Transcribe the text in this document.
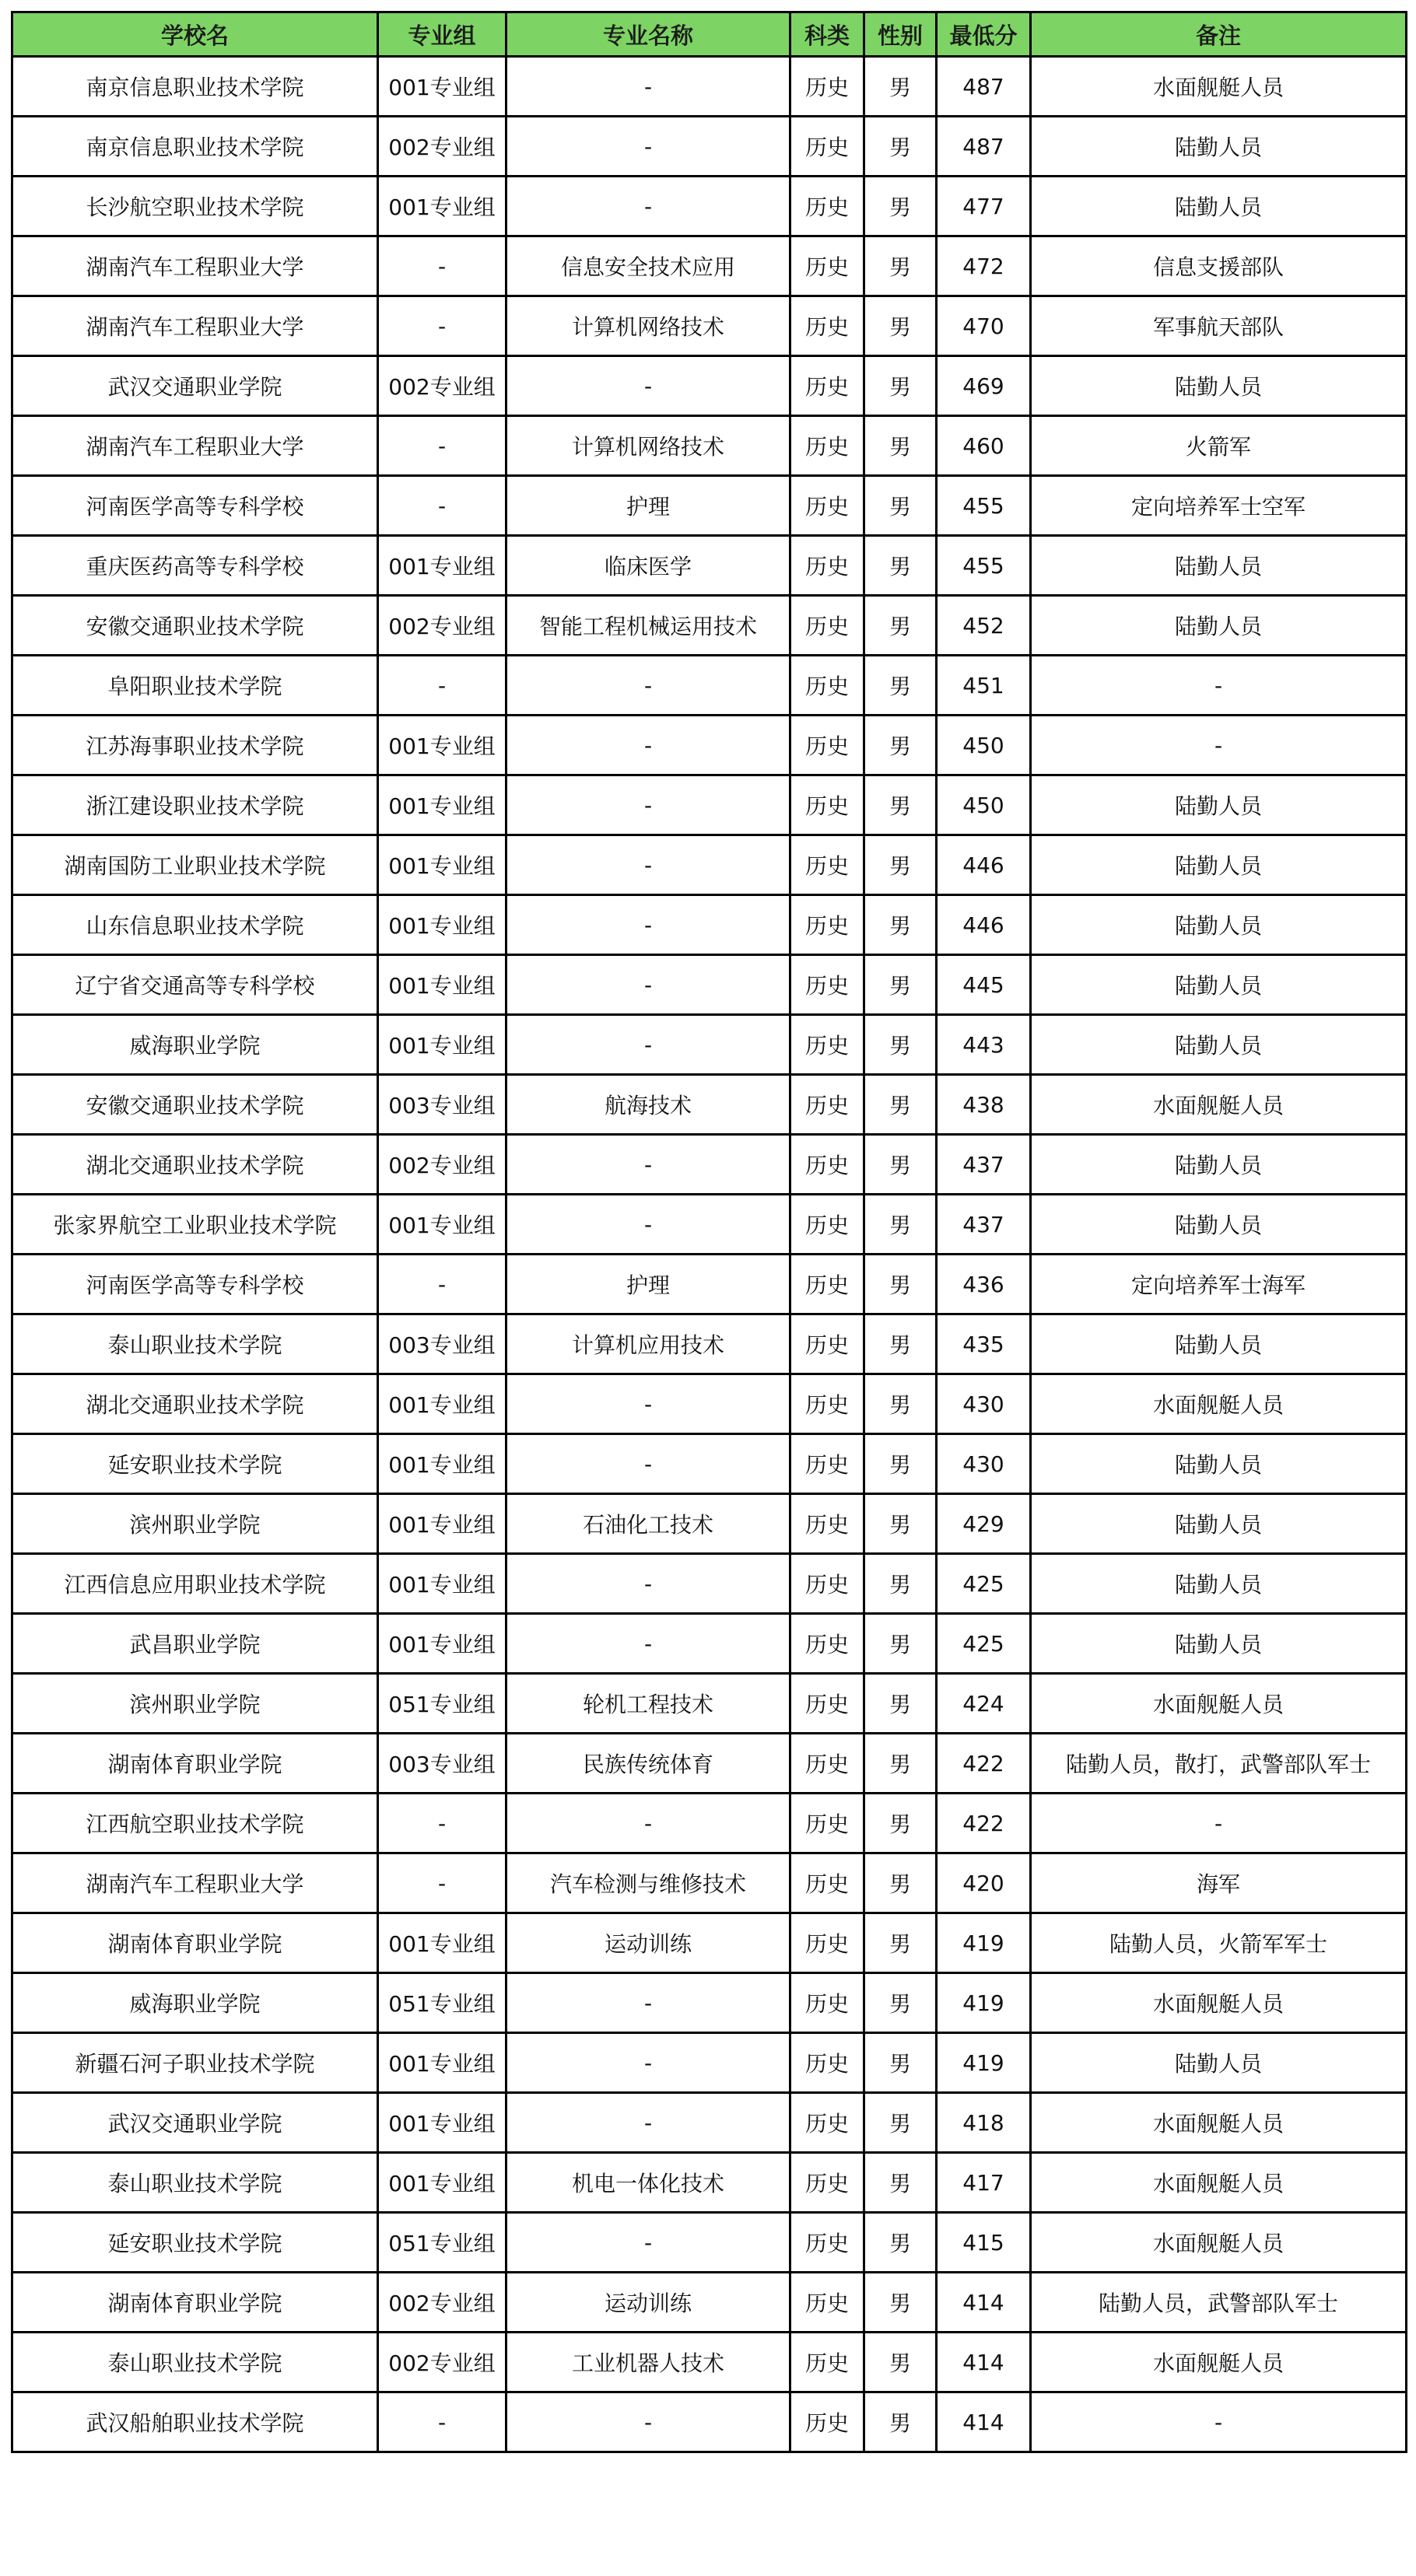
学校名	专业组	专业名称	科类	性别	最低分	备注
南京信息职业技术学院	001专业组	-	历史	男	487	水面舰艇人员
南京信息职业技术学院	002专业组	-	历史	男	487	陆勤人员
长沙航空职业技术学院	001专业组	-	历史	男	477	陆勤人员
湖南汽车工程职业大学	-	信息安全技术应用	历史	男	472	信息支援部队
湖南汽车工程职业大学	-	计算机网络技术	历史	男	470	军事航天部队
武汉交通职业学院	002专业组	-	历史	男	469	陆勤人员
湖南汽车工程职业大学	-	计算机网络技术	历史	男	460	火箭军
河南医学高等专科学校	-	护理	历史	男	455	定向培养军士空军
重庆医药高等专科学校	001专业组	临床医学	历史	男	455	陆勤人员
安徽交通职业技术学院	002专业组	智能工程机械运用技术	历史	男	452	陆勤人员
阜阳职业技术学院	-	-	历史	男	451	-
江苏海事职业技术学院	001专业组	-	历史	男	450	-
浙江建设职业技术学院	001专业组	-	历史	男	450	陆勤人员
湖南国防工业职业技术学院	001专业组	-	历史	男	446	陆勤人员
山东信息职业技术学院	001专业组	-	历史	男	446	陆勤人员
辽宁省交通高等专科学校	001专业组	-	历史	男	445	陆勤人员
威海职业学院	001专业组	-	历史	男	443	陆勤人员
安徽交通职业技术学院	003专业组	航海技术	历史	男	438	水面舰艇人员
湖北交通职业技术学院	002专业组	-	历史	男	437	陆勤人员
张家界航空工业职业技术学院	001专业组	-	历史	男	437	陆勤人员
河南医学高等专科学校	-	护理	历史	男	436	定向培养军士海军
泰山职业技术学院	003专业组	计算机应用技术	历史	男	435	陆勤人员
湖北交通职业技术学院	001专业组	-	历史	男	430	水面舰艇人员
延安职业技术学院	001专业组	-	历史	男	430	陆勤人员
滨州职业学院	001专业组	石油化工技术	历史	男	429	陆勤人员
江西信息应用职业技术学院	001专业组	-	历史	男	425	陆勤人员
武昌职业学院	001专业组	-	历史	男	425	陆勤人员
滨州职业学院	051专业组	轮机工程技术	历史	男	424	水面舰艇人员
湖南体育职业学院	003专业组	民族传统体育	历史	男	422	陆勤人员，散打，武警部队军士
江西航空职业技术学院	-	-	历史	男	422	-
湖南汽车工程职业大学	-	汽车检测与维修技术	历史	男	420	海军
湖南体育职业学院	001专业组	运动训练	历史	男	419	陆勤人员，火箭军军士
威海职业学院	051专业组	-	历史	男	419	水面舰艇人员
新疆石河子职业技术学院	001专业组	-	历史	男	419	陆勤人员
武汉交通职业学院	001专业组	-	历史	男	418	水面舰艇人员
泰山职业技术学院	001专业组	机电一体化技术	历史	男	417	水面舰艇人员
延安职业技术学院	051专业组	-	历史	男	415	水面舰艇人员
湖南体育职业学院	002专业组	运动训练	历史	男	414	陆勤人员，武警部队军士
泰山职业技术学院	002专业组	工业机器人技术	历史	男	414	水面舰艇人员
武汉船舶职业技术学院	-	-	历史	男	414	-
